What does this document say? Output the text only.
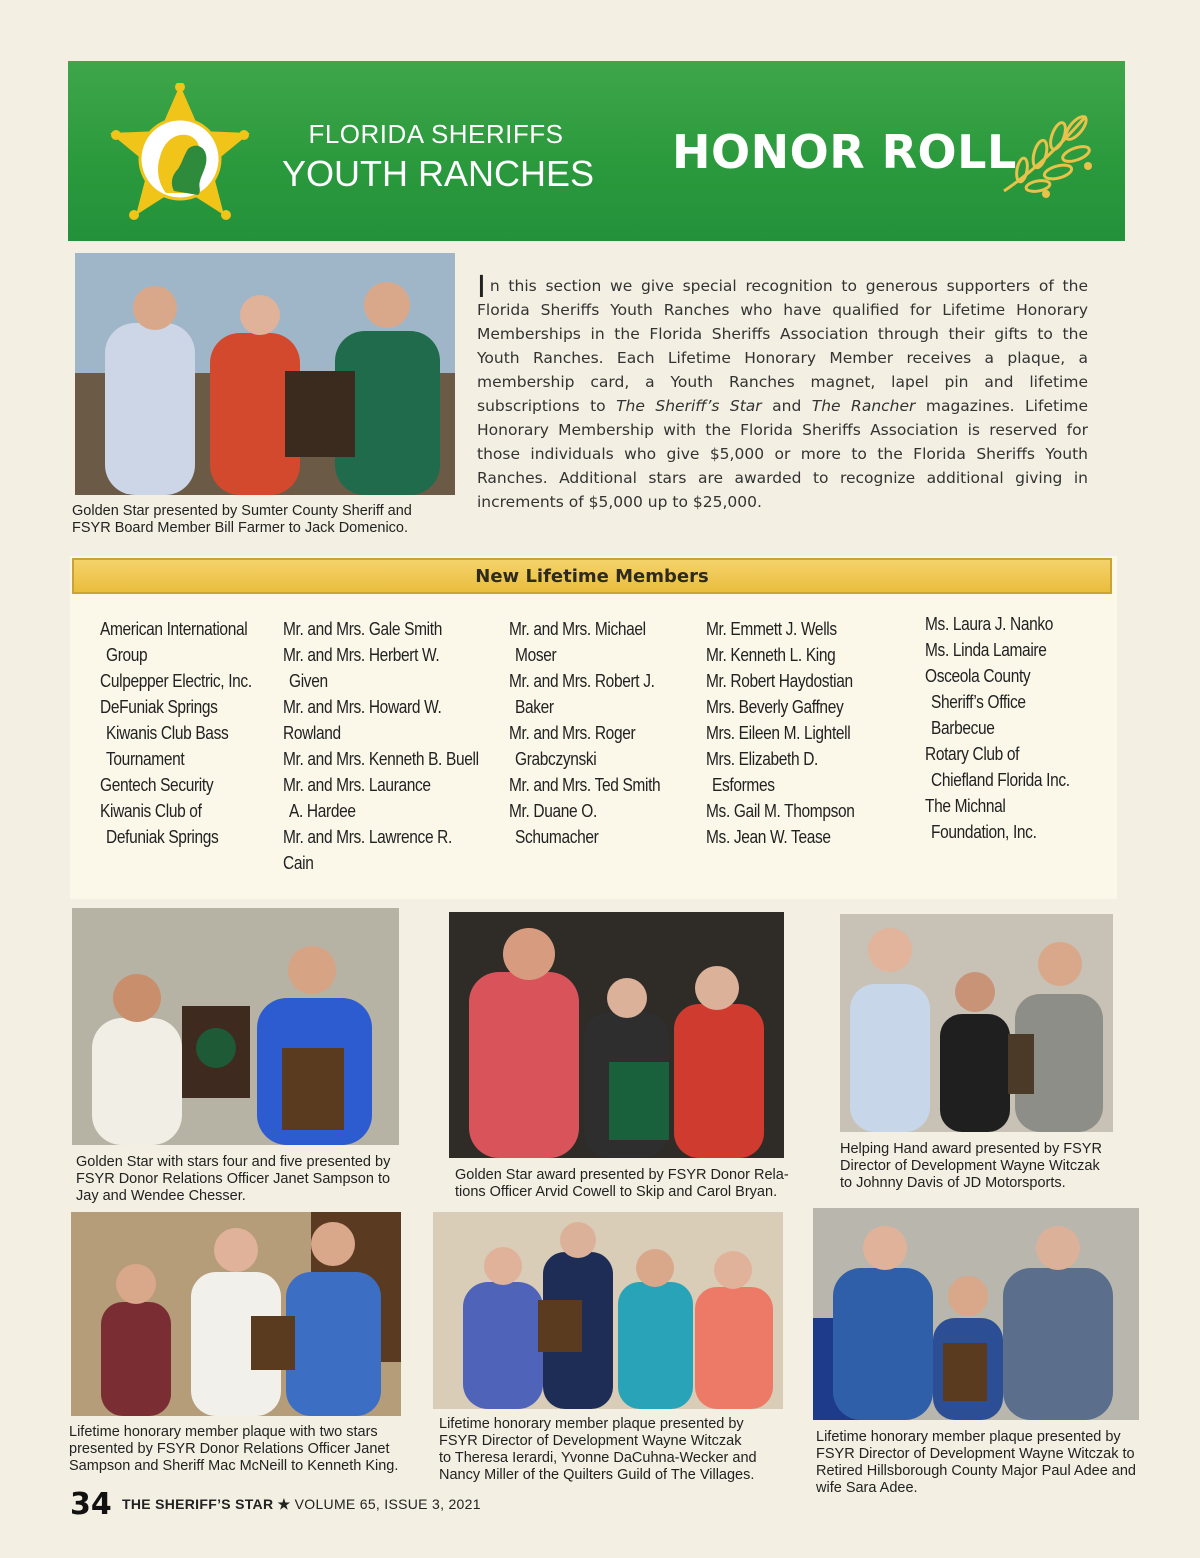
FLORIDA SHERIFFS
YOUTH RANCHES HONOR ROLL
Golden Star presented by Sumter County Sheriff and
FSYR Board Member Bill Farmer to Jack Domenico.
In this section we give special recognition to generous supporters of the Florida Sheriffs Youth Ranches who have qualified for Lifetime Honorary Memberships in the Florida Sheriffs Association through their gifts to the Youth Ranches. Each Lifetime Honorary Member receives a plaque, a membership card, a Youth Ranches magnet, lapel pin and lifetime subscriptions to The Sheriff’s Star and The Rancher magazines. Lifetime Honorary Membership with the Florida Sheriffs Association is reserved for those individuals who give $5,000 or more to the Florida Sheriffs Youth Ranches. Additional stars are awarded to recognize additional giving in increments of $5,000 up to $25,000.
New Lifetime Members
American International
Group
Culpepper Electric, Inc.
DeFuniak Springs
Kiwanis Club Bass
Tournament
Gentech Security
Kiwanis Club of
Defuniak Springs
Mr. and Mrs. Gale Smith
Mr. and Mrs. Herbert W.
Given
Mr. and Mrs. Howard W.
Rowland
Mr. and Mrs. Kenneth B. Buell
Mr. and Mrs. Laurance
A. Hardee
Mr. and Mrs. Lawrence R.
Cain
Mr. and Mrs. Michael
Moser
Mr. and Mrs. Robert J.
Baker
Mr. and Mrs. Roger
Grabczynski
Mr. and Mrs. Ted Smith
Mr. Duane O.
Schumacher
Mr. Emmett J. Wells
Mr. Kenneth L. King
Mr. Robert Haydostian
Mrs. Beverly Gaffney
Mrs. Eileen M. Lightell
Mrs. Elizabeth D.
Esformes
Ms. Gail M. Thompson
Ms. Jean W. Tease
Ms. Laura J. Nanko
Ms. Linda Lamaire
Osceola County
Sheriff’s Office
Barbecue
Rotary Club of
Chiefland Florida Inc.
The Michnal
Foundation, Inc.
Golden Star with stars four and five presented by
FSYR Donor Relations Officer Janet Sampson to
Jay and Wendee Chesser.
Golden Star award presented by FSYR Donor Rela-
tions Officer Arvid Cowell to Skip and Carol Bryan.
Helping Hand award presented by FSYR
Director of Development Wayne Witczak
to Johnny Davis of JD Motorsports.
Lifetime honorary member plaque with two stars
presented by FSYR Donor Relations Officer Janet
Sampson and Sheriff Mac McNeill to Kenneth King.
Lifetime honorary member plaque presented by
FSYR Director of Development Wayne Witczak
to Theresa Ierardi, Yvonne DaCuhna-Wecker and
Nancy Miller of the Quilters Guild of The Villages.
Lifetime honorary member plaque presented by
FSYR Director of Development Wayne Witczak to
Retired Hillsborough County Major Paul Adee and
wife Sara Adee.
34 THE SHERIFF’S STAR ★ VOLUME 65, ISSUE 3, 2021
